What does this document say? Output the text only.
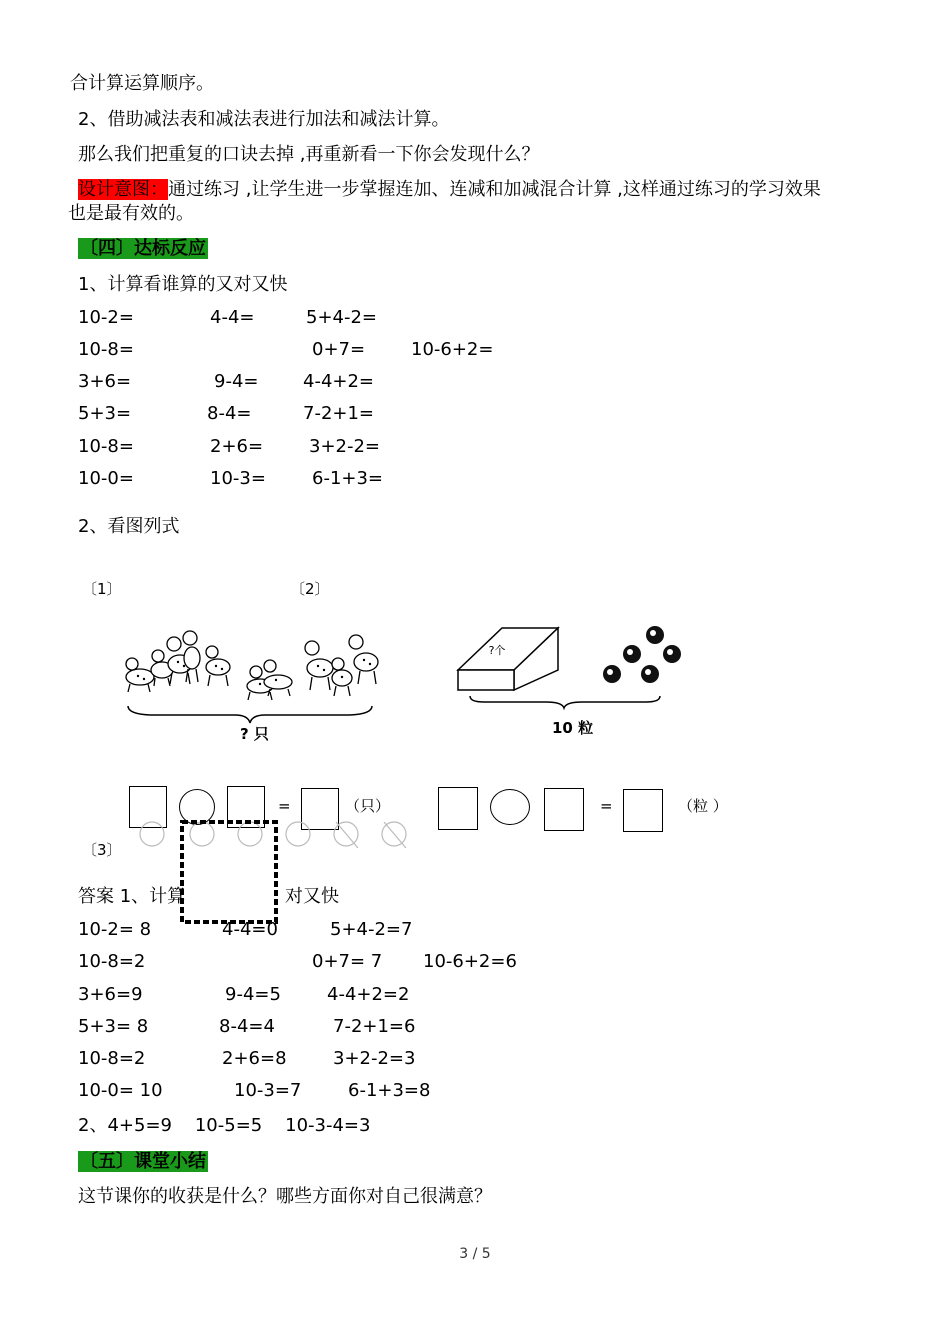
合计算运算顺序。
2、借助减法表和减法表进行加法和减法计算。
那么我们把重复的口诀去掉 ,再重新看一下你会发现什么？
设计意图：通过练习 ,让学生进一步掌握连加、连减和加减混合计算 ,这样通过练习的学习效果
也是最有效的。
〔四〕达标反应
1、计算看谁算的又对又快
10-2=	4-4=	5+4-2=
10-8=	0+7=	10-6+2=
3+6=	9-4= 4-4+2=
5+3=	8-4=	7-2+1=
10-8=	2+6=	3+2-2=
10-0=	10-3=	6-1+3=
2、看图列式
〔1〕	〔2〕
? 只
?个
10 粒
=	（只）	=	（粒 ）
〔3〕
答案 1、计算	对又快
10-2= 8	4-4=0	5+4-2=7
10-8=2	0+7= 7 10-6+2=6
3+6=9	9-4=5	4-4+2=2
5+3= 8	8-4=4	7-2+1=6
10-8=2	2+6=8	3+2-2=3
10-0= 10	10-3=7	6-1+3=8
2、4+5=9    10-5=5    10-3-4=3
〔五〕课堂小结
这节课你的收获是什么？哪些方面你对自己很满意？
3 / 5
